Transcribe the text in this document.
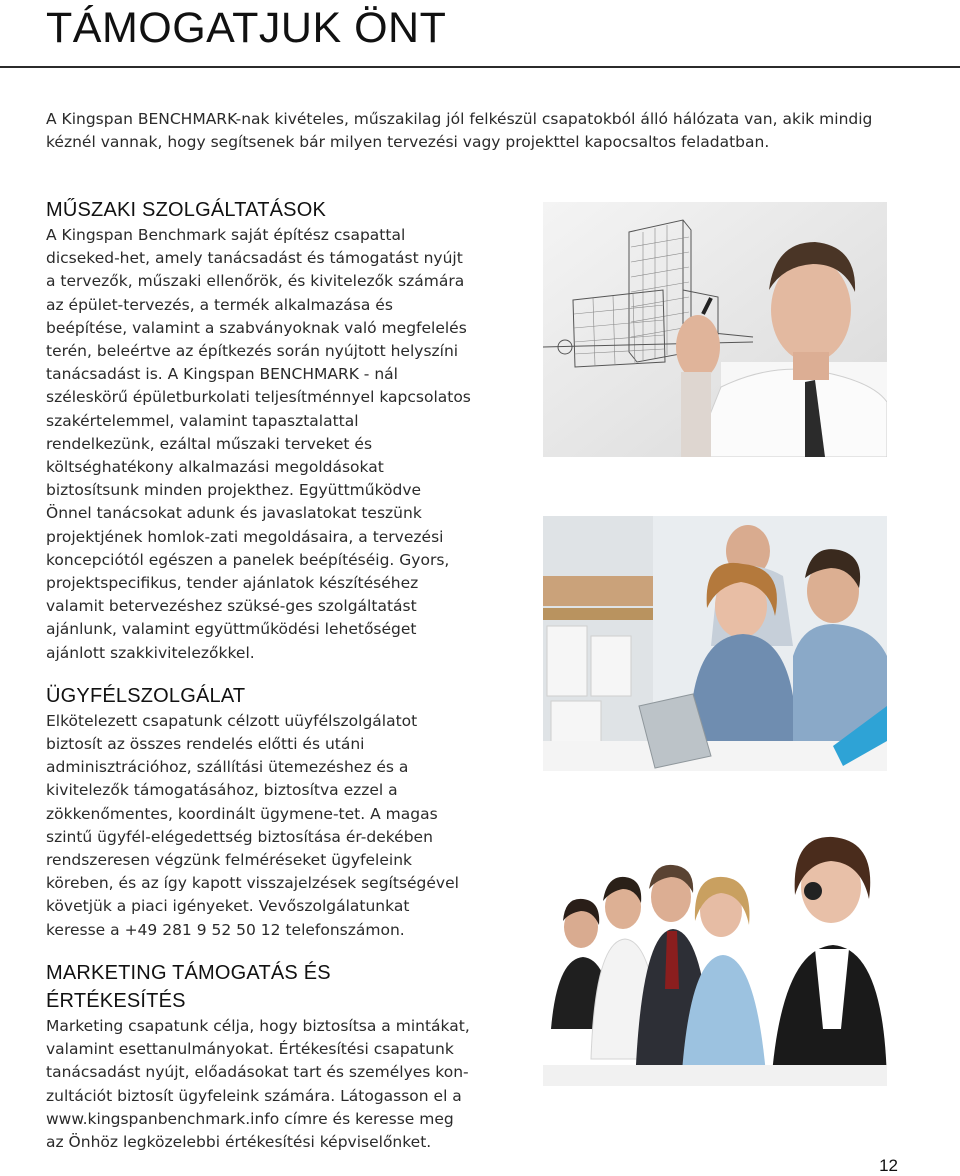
TÁMOGATJUK ÖNT

A Kingspan BENCHMARK-nak kivételes, műszakilag jól felkészül csapatokból álló hálózata van, akik mindig kéznél vannak, hogy segítsenek bár milyen tervezési vagy projekttel kapocsaltos feladatban.

MŰSZAKI SZOLGÁLTATÁSOK

A Kingspan Benchmark saját építész csapattal dicseked-het, amely tanácsadást és támogatást nyújt a tervezők, műszaki ellenőrök, és kivitelezők számára az épület-tervezés, a termék alkalmazása és beépítése, valamint a szabványoknak való megfelelés terén, beleértve az építkezés során nyújtott helyszíni tanácsadást is. A Kingspan BENCHMARK - nál széleskörű épületburkolati teljesítménnyel kapcsolatos szakértelemmel, valamint tapasztalattal rendelkezünk, ezáltal műszaki terveket és költséghatékony alkalmazási megoldásokat biztosítsunk minden projekthez. Együttműködve Önnel tanácsokat adunk és javaslatokat teszünk projektjének homlok-zati megoldásaira, a tervezési koncepciótól egészen a panelek beépítéséig. Gyors, projektspecifikus, tender ajánlatok készítéséhez valamit betervezéshez szüksé-ges szolgáltatást ajánlunk, valamint együttműködési lehetőséget ajánlott szakkivitelezőkkel.

ÜGYFÉLSZOLGÁLAT

Elkötelezett csapatunk célzott uüyfélszolgálatot biztosít az összes rendelés előtti és utáni adminisztrációhoz, szállítási ütemezéshez és a kivitelezők támogatásához, biztosítva ezzel a zökkenőmentes, koordinált ügymene-tet. A magas szintű ügyfél-elégedettség biztosítása ér-dekében rendszeresen végzünk felméréseket ügyfeleink köreben, és az így kapott visszajelzések segítségével követjük a piaci igényeket. Vevőszolgálatunkat keresse a +49 281 9 52 50 12 telefonszámon.

MARKETING TÁMOGATÁS ÉS ÉRTÉKESÍTÉS

Marketing csapatunk célja, hogy biztosítsa a mintákat, valamint esettanulmányokat. Értékesítési csapatunk tanácsadást nyújt, előadásokat tart és személyes kon-zultációt biztosít ügyfeleink számára. Látogasson el a www.kingspanbenchmark.info címre és keresse meg az Önhöz legközelebbi értékesítési képviselőnket.

12
